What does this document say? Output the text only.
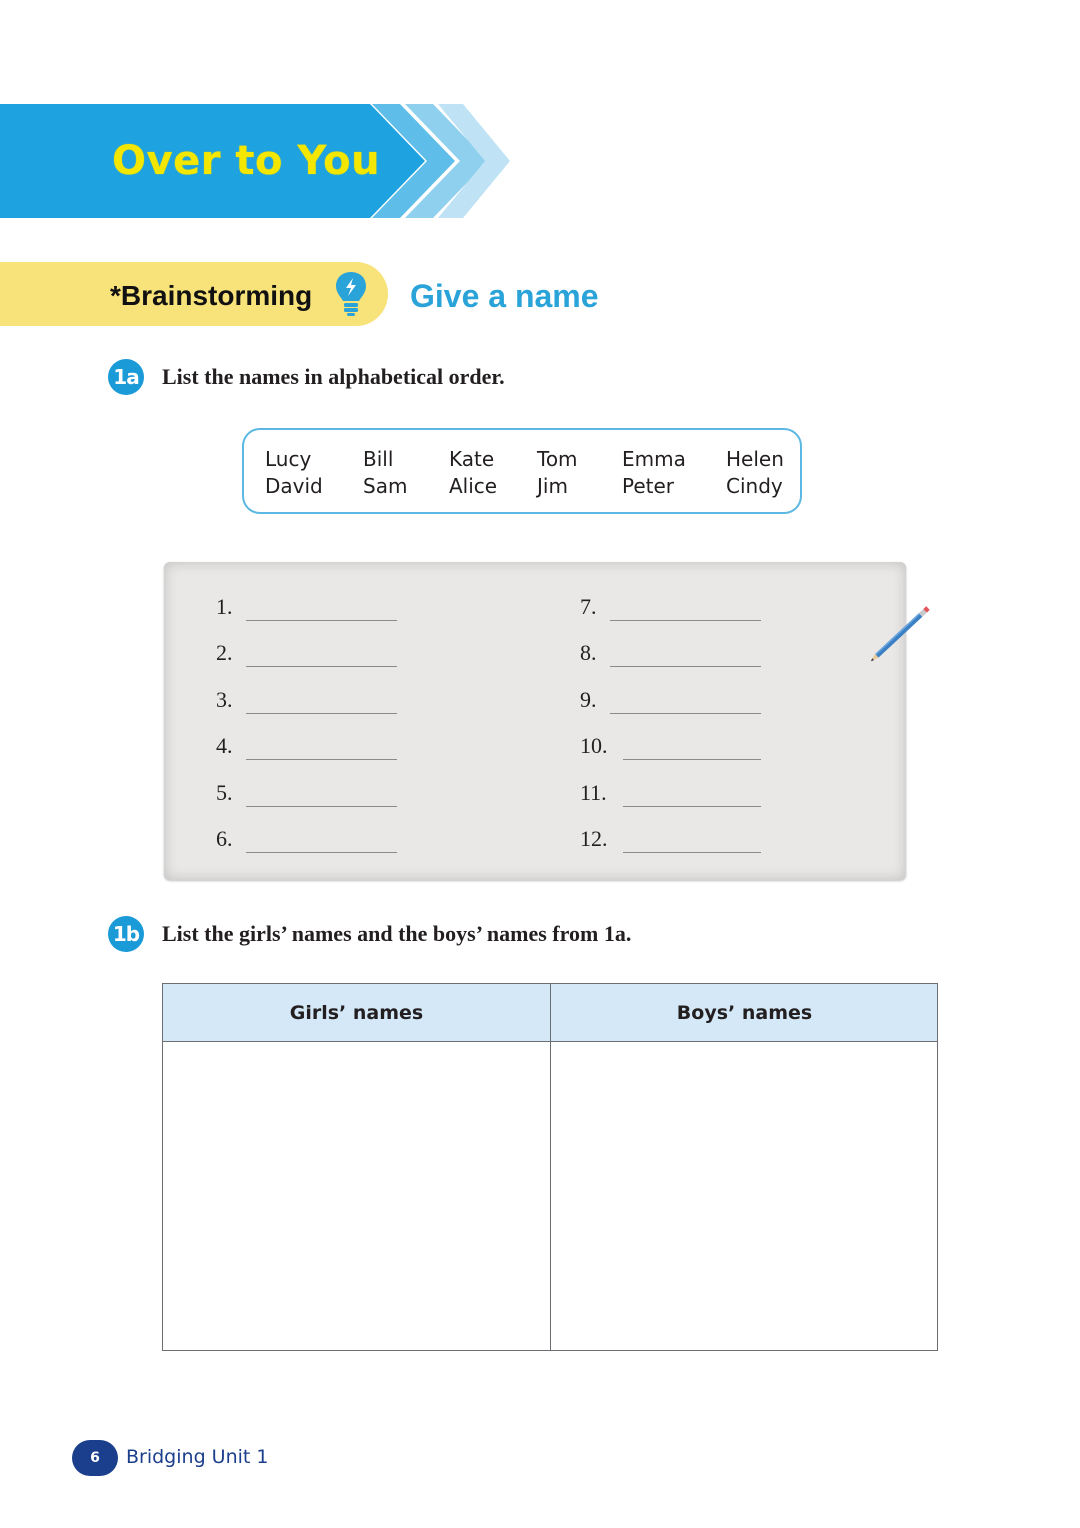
Over to You
*Brainstorming	Give a name
1a List the names in alphabetical order.
Lucy
David
Bill
Sam
Kate
Alice
Tom
Jim
Emma
Peter
Helen
Cindy
1.
2.
3.
4.
5.
6.
7.
8.
9.
10.
11.
12.
1b List the girls’ names and the boys’ names from 1a.
Girls’ names	Boys’ names
6	Bridging Unit 1
